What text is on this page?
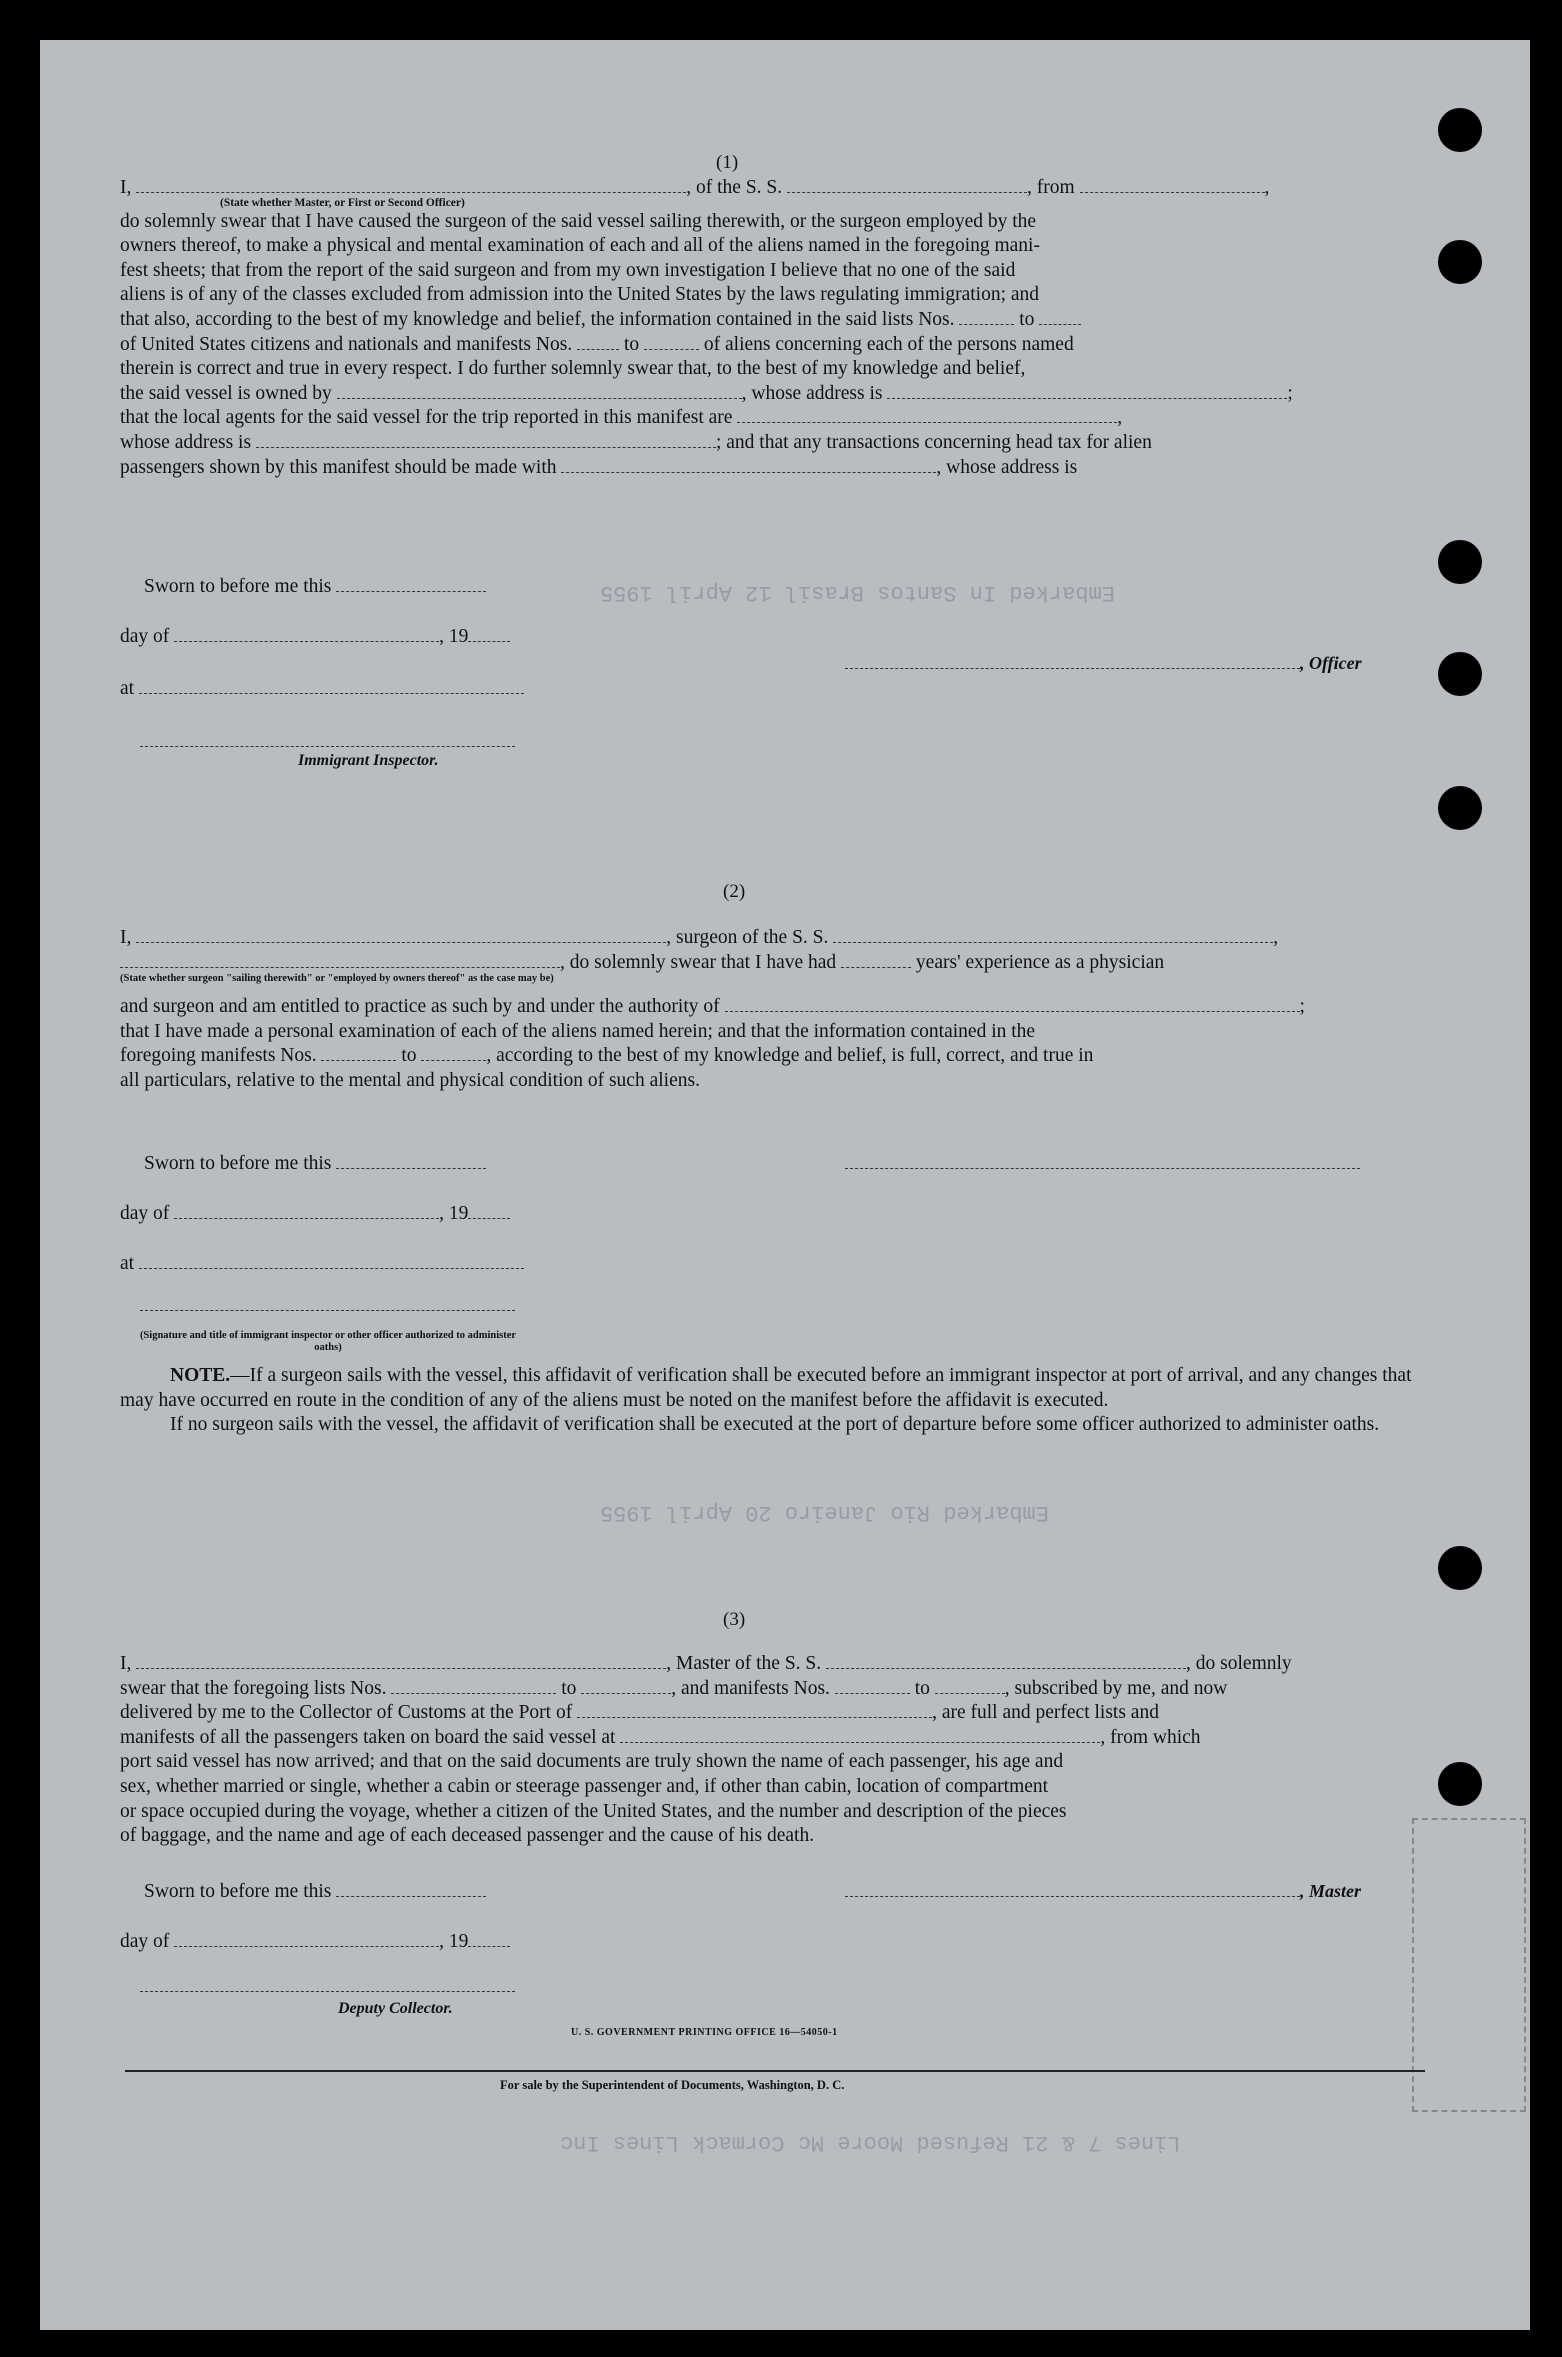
Embarked In Santos Brasil 12 April 1955
Embarked Rio Janeiro 20 April 1955
Lines 7 & 21 Refused Moore Mc Cormack Lines Inc
(1)
I,	, of the S. S.	, from	,
(State whether Master, or First or Second Officer)
do solemnly swear that I have caused the surgeon of the said vessel sailing therewith, or the surgeon employed by the
owners thereof, to make a physical and mental examination of each and all of the aliens named in the foregoing mani-
fest sheets; that from the report of the said surgeon and from my own investigation I believe that no one of the said
aliens is of any of the classes excluded from admission into the United States by the laws regulating immigration; and
that also, according to the best of my knowledge and belief, the information contained in the said lists Nos.	to
of United States citizens and nationals and manifests Nos.	to	of aliens concerning each of the persons named
therein is correct and true in every respect. I do further solemnly swear that, to the best of my knowledge and belief,
the said vessel is owned by	, whose address is	;
that the local agents for the said vessel for the trip reported in this manifest are	,
whose address is	; and that any transactions concerning head tax for alien
passengers shown by this manifest should be made with	, whose address is
Sworn to before me this
day of	, 19
at
, Officer
Immigrant Inspector.
(2)
I,	, surgeon of the S. S.	,
, do solemnly swear that I have had	years' experience as a physician
(State whether surgeon "sailing therewith" or "employed by owners thereof" as the case may be)
and surgeon and am entitled to practice as such by and under the authority of	;
that I have made a personal examination of each of the aliens named herein; and that the information contained in the
foregoing manifests Nos.	to	, according to the best of my knowledge and belief, is full, correct, and true in
all particulars, relative to the mental and physical condition of such aliens.
Sworn to before me this
day of	, 19
at
(Signature and title of immigrant inspector or other officer authorized to administer oaths)
NOTE.—If a surgeon sails with the vessel, this affidavit of verification shall be executed before an immigrant inspector at port of arrival, and any changes that may have occurred en route in the condition of any of the aliens must be noted on the manifest before the affidavit is executed.
If no surgeon sails with the vessel, the affidavit of verification shall be executed at the port of departure before some officer authorized to administer oaths.
(3)
I,	, Master of the S. S.	, do solemnly
swear that the foregoing lists Nos.	to	, and manifests Nos.	to	, subscribed by me, and now
delivered by me to the Collector of Customs at the Port of	, are full and perfect lists and
manifests of all the passengers taken on board the said vessel at	, from which
port said vessel has now arrived; and that on the said documents are truly shown the name of each passenger, his age and
sex, whether married or single, whether a cabin or steerage passenger and, if other than cabin, location of compartment
or space occupied during the voyage, whether a citizen of the United States, and the number and description of the pieces
of baggage, and the name and age of each deceased passenger and the cause of his death.
Sworn to before me this	, Master
day of	, 19
Deputy Collector.
U. S. GOVERNMENT PRINTING OFFICE 16—54050-1
For sale by the Superintendent of Documents, Washington, D. C.
